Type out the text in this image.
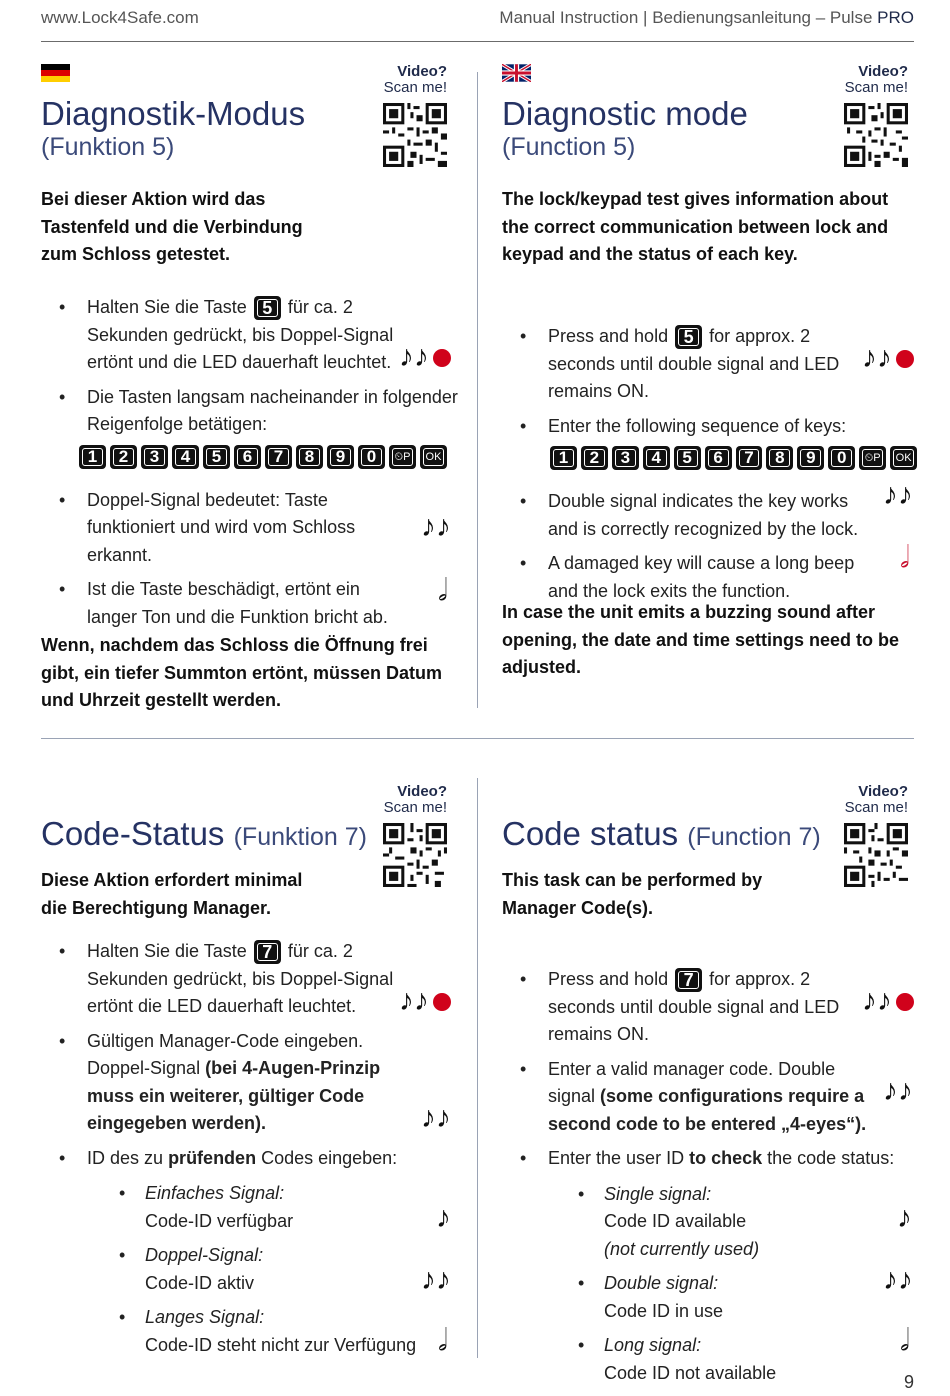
www.Lock4Safe.com	Manual Instruction | Bedienungsanleitung – Pulse PRO
Video?
Scan me!
Diagnostik-Modus
(Funktion 5)
Bei dieser Aktion wird das Tastenfeld und die Verbindung zum Schloss getestet.
• Halten Sie die Taste 5 für ca. 2 Sekunden gedrückt, bis Doppel-Signal ertönt und die LED dauerhaft leuchtet.
• Die Tasten langsam nacheinander in folgender Reigenfolge betätigen:
1	2	3	4	5	6	7	8	9	0	⏲P	OK
• Doppel-Signal bedeutet: Taste funktioniert und wird vom Schloss erkannt.
• Ist die Taste beschädigt, ertönt ein langer Ton und die Funktion bricht ab.
♪♪
♪♪
𝅗𝅥
Wenn, nachdem das Schloss die Öffnung frei gibt, ein tiefer Summton ertönt, müssen Datum und Uhrzeit gestellt werden.
Video?
Scan me!
Diagnostic mode
(Function 5)
The lock/keypad test gives information about the correct communication between lock and keypad and the status of each key.
• Press and hold 5 for approx. 2 seconds until double signal and LED remains ON.
• Enter the following sequence of keys:
1	2	3	4	5	6	7	8	9	0	⏲P	OK
• Double signal indicates the key works and is correctly recognized by the lock.
• A damaged key will cause a long beep and the lock exits the function.
♪♪
♪♪
𝅗𝅥
In case the unit emits a buzzing sound after opening, the date and time settings need to be adjusted.
Video?
Scan me!
Code-Status (Funktion 7)
Diese Aktion erfordert minimal die Berechtigung Manager.
• Halten Sie die Taste 7 für ca. 2 Sekunden gedrückt, bis Doppel-Signal ertönt die LED dauerhaft leuchtet.
• Gültigen Manager-Code eingeben. Doppel-Signal (bei 4-Augen-Prinzip muss ein weiterer, gültiger Code eingegeben werden).
• ID des zu prüfenden Codes eingeben:
• Einfaches Signal:
Code-ID verfügbar
• Doppel-Signal:
Code-ID aktiv
• Langes Signal:
Code-ID steht nicht zur Verfügung
♪♪
♪♪
♪
♪♪
𝅗𝅥
Video?
Scan me!
Code status (Function 7)
This task can be performed by Manager Code(s).
• Press and hold 7 for approx. 2 seconds until double signal and LED remains ON.
• Enter a valid manager code. Double signal (some configurations require a second code to be entered „4-eyes“).
• Enter the user ID to check the code status:
• Single signal:
Code ID available
(not currently used)
• Double signal:
Code ID in use
• Long signal:
Code ID not available
♪♪
♪♪
♪
♪♪
𝅗𝅥
9
